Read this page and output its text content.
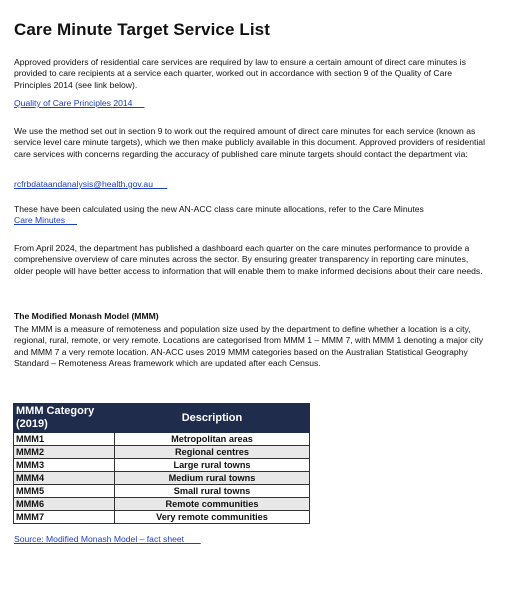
Care Minute Target Service List
Approved providers of residential care services are required by law to ensure a certain amount of direct care minutes is provided to care recipients at a service each quarter, worked out in accordance with section 9 of the Quality of Care Principles 2014 (see link below).
Quality of Care Principles 2014
We use the method set out in section 9 to work out the required amount of direct care minutes for each service (known as service level care minute targets), which we then make publicly available in this document. Approved providers of residential care services with concerns regarding the accuracy of published care minute targets should contact the department via:
rcfrbdataandanalysis@health.gov.au
These have been calculated using the new AN-ACC class care minute allocations, refer to the Care Minutes
Care Minutes
From April 2024, the department has published a dashboard each quarter on the care minutes performance to provide a comprehensive overview of care minutes across the sector. By ensuring greater transparency in reporting care minutes, older people will have better access to information that will enable them to make informed decisions about their care needs.
The Modified Monash Model (MMM)
The MMM is a measure of remoteness and population size used by the department to define whether a location is a city, regional, rural, remote, or very remote. Locations are categorised from MMM 1 – MMM 7, with MMM 1 denoting a major city and MMM 7 a very remote location. AN-ACC uses 2019 MMM categories based on the Australian Statistical Geography Standard – Remoteness Areas framework which are updated after each Census.
MMM Category (2019)	Description
MMM1	Metropolitan areas
MMM2	Regional centres
MMM3	Large rural towns
MMM4	Medium rural towns
MMM5	Small rural towns
MMM6	Remote communities
MMM7	Very remote communities
Source: Modified Monash Model – fact sheet
